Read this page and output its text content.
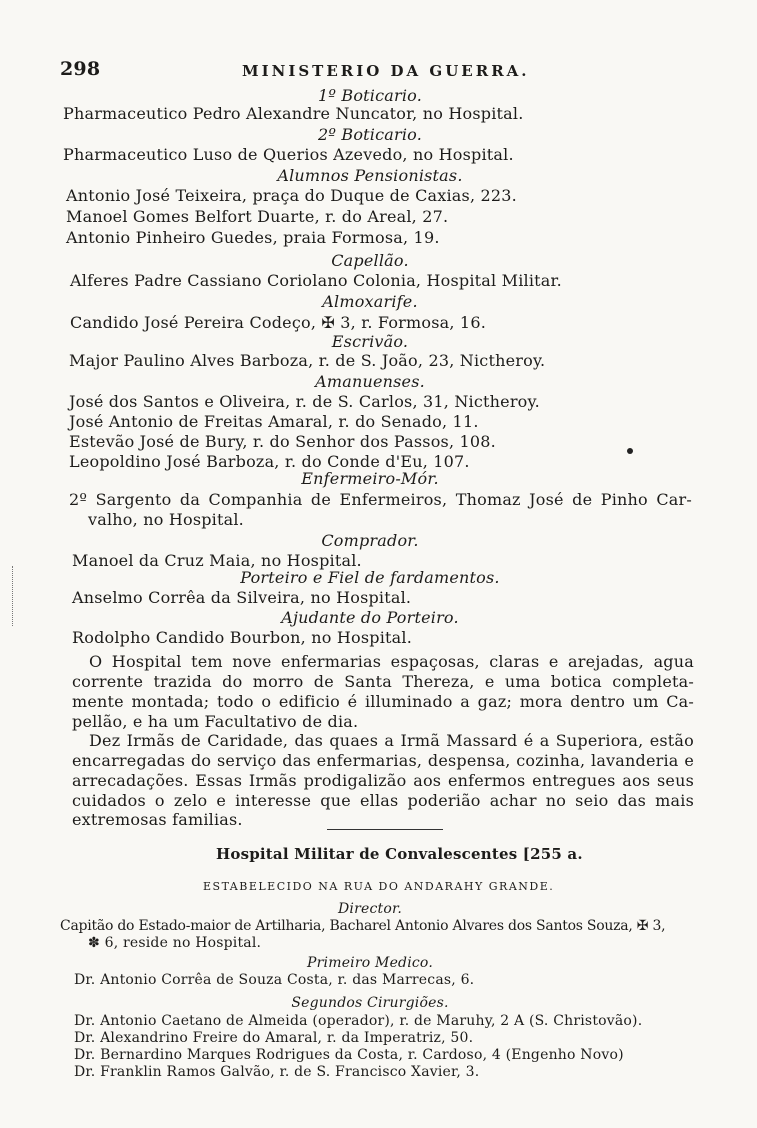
298	MINISTERIO DA GUERRA.
1º Boticario.
Pharmaceutico Pedro Alexandre Nuncator, no Hospital.
2º Boticario.
Pharmaceutico Luso de Querios Azevedo, no Hospital.
Alumnos Pensionistas.
Antonio José Teixeira, praça do Duque de Caxias, 223.
Manoel Gomes Belfort Duarte, r. do Areal, 27.
Antonio Pinheiro Guedes, praia Formosa, 19.
Capellão.
Alferes Padre Cassiano Coriolano Colonia, Hospital Militar.
Almoxarife.
Candido José Pereira Codeço, ✠ 3, r. Formosa, 16.
Escrivão.
Major Paulino Alves Barboza, r. de S. João, 23, Nictheroy.
Amanuenses.
José dos Santos e Oliveira, r. de S. Carlos, 31, Nictheroy.
José Antonio de Freitas Amaral, r. do Senado, 11.
Estevão José de Bury, r. do Senhor dos Passos, 108.
Leopoldino José Barboza, r. do Conde d'Eu, 107.
Enfermeiro-Mór.
2º Sargento da Companhia de Enfermeiros, Thomaz José de Pinho Car-
valho, no Hospital.
Comprador.
Manoel da Cruz Maia, no Hospital.
Porteiro e Fiel de fardamentos.
Anselmo Corrêa da Silveira, no Hospital.
Ajudante do Porteiro.
Rodolpho Candido Bourbon, no Hospital.
O Hospital tem nove enfermarias espaçosas, claras e arejadas, agua
corrente trazida do morro de Santa Thereza, e uma botica completa-
mente montada; todo o edificio é illuminado a gaz; mora dentro um Ca-
pellão, e ha um Facultativo de dia.
Dez Irmãs de Caridade, das quaes a Irmã Massard é a Superiora, estão
encarregadas do serviço das enfermarias, despensa, cozinha, lavanderia e
arrecadações. Essas Irmãs prodigalizão aos enfermos entregues aos seus
cuidados o zelo e interesse que ellas poderião achar no seio das mais
extremosas familias.
Hospital Militar de Convalescentes [255 a.
ESTABELECIDO NA RUA DO ANDARAHY GRANDE.
Director.
Capitão do Estado-maior de Artilharia, Bacharel Antonio Alvares dos Santos Souza, ✠ 3,
✽ 6, reside no Hospital.
Primeiro Medico.
Dr. Antonio Corrêa de Souza Costa, r. das Marrecas, 6.
Segundos Cirurgiões.
Dr. Antonio Caetano de Almeida (operador), r. de Maruhy, 2 A (S. Christovão).
Dr. Alexandrino Freire do Amaral, r. da Imperatriz, 50.
Dr. Bernardino Marques Rodrigues da Costa, r. Cardoso, 4 (Engenho Novo)
Dr. Franklin Ramos Galvão, r. de S. Francisco Xavier, 3.
